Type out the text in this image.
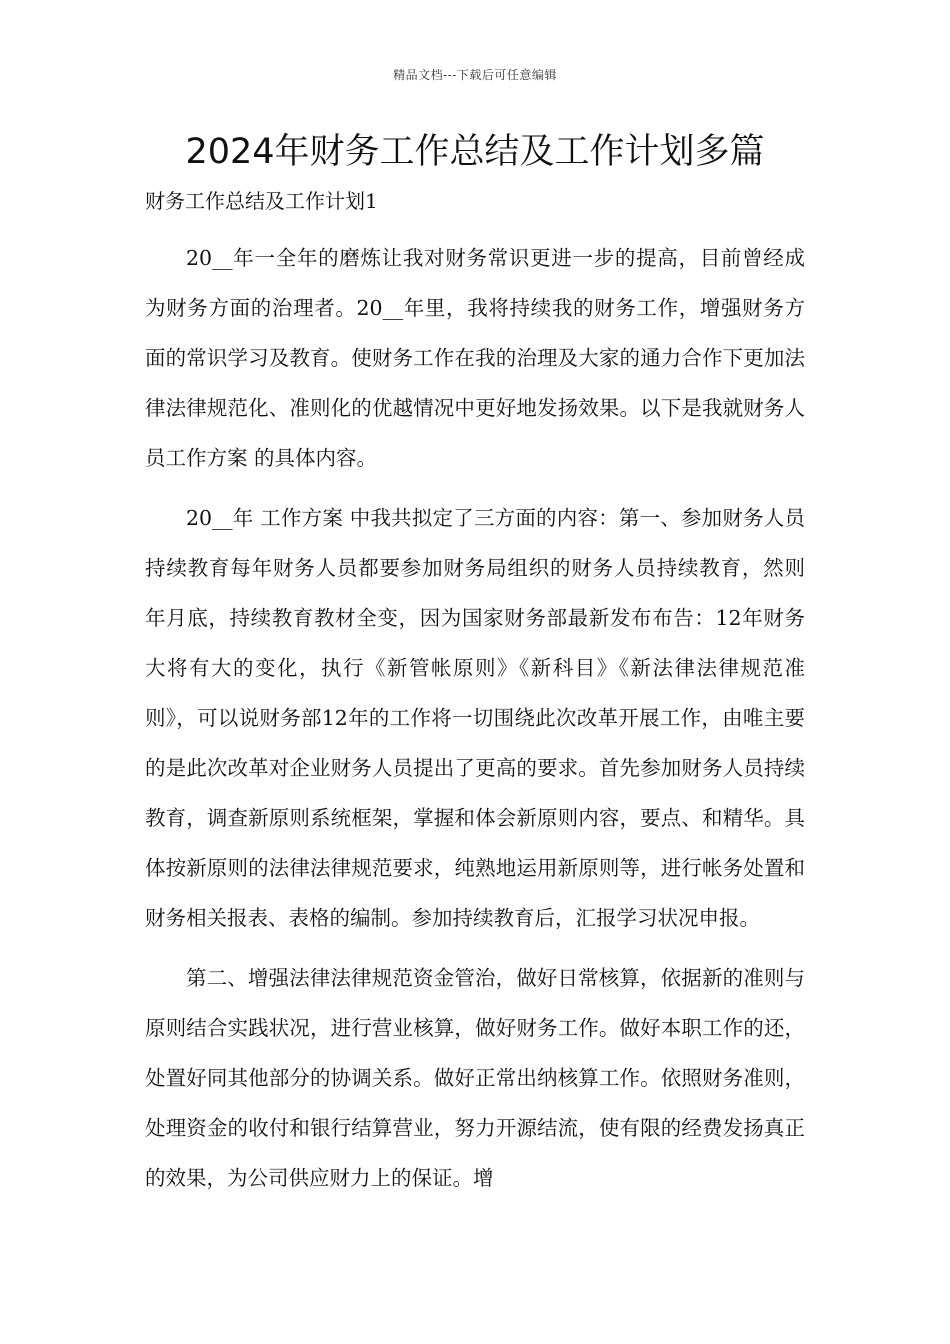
精品文档---下载后可任意编辑
2024年财务工作总结及工作计划多篇
财务工作总结及工作计划1

20__年一全年的磨炼让我对财务常识更进一步的提高，目前曾经成为财务方面的治理者。20__年里，我将持续我的财务工作，增强财务方面的常识学习及教育。使财务工作在我的治理及大家的通力合作下更加法律法律规范化、准则化的优越情况中更好地发扬效果。以下是我就财务人员工作方案 的具体内容。

20__年 工作方案 中我共拟定了三方面的内容：第一、参加财务人员持续教育每年财务人员都要参加财务局组织的财务人员持续教育，然则 年月底，持续教育教材全变，因为国家财务部最新发布布告：12年财务大将有大的变化，执行《新管帐原则》《新科目》《新法律法律规范准则》，可以说财务部12年的工作将一切围绕此次改革开展工作，由唯主要的是此次改革对企业财务人员提出了更高的要求。首先参加财务人员持续教育，调查新原则系统框架，掌握和体会新原则内容，要点、和精华。具体按新原则的法律法律规范要求，纯熟地运用新原则等，进行帐务处置和财务相关报表、表格的编制。参加持续教育后，汇报学习状况申报。

第二、增强法律法律规范资金管治，做好日常核算，依据新的准则与原则结合实践状况，进行营业核算，做好财务工作。做好本职工作的还，处置好同其他部分的协调关系。做好正常出纳核算工作。依照财务准则，处理资金的收付和银行结算营业，努力开源结流，使有限的经费发扬真正的效果，为公司供应财力上的保证。增
